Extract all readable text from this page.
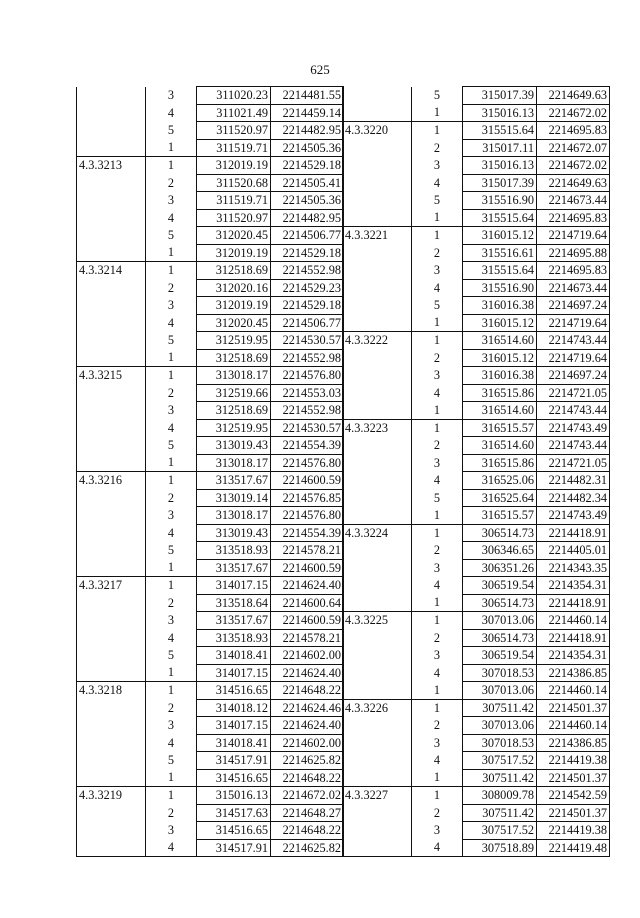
625
	3	311020.23	2214481.55
	4	311021.49	2214459.14
	5	311520.97	2214482.95
	1	311519.71	2214505.36
4.3.3213	1	312019.19	2214529.18
	2	311520.68	2214505.41
	3	311519.71	2214505.36
	4	311520.97	2214482.95
	5	312020.45	2214506.77
	1	312019.19	2214529.18
4.3.3214	1	312518.69	2214552.98
	2	312020.16	2214529.23
	3	312019.19	2214529.18
	4	312020.45	2214506.77
	5	312519.95	2214530.57
	1	312518.69	2214552.98
4.3.3215	1	313018.17	2214576.80
	2	312519.66	2214553.03
	3	312518.69	2214552.98
	4	312519.95	2214530.57
	5	313019.43	2214554.39
	1	313018.17	2214576.80
4.3.3216	1	313517.67	2214600.59
	2	313019.14	2214576.85
	3	313018.17	2214576.80
	4	313019.43	2214554.39
	5	313518.93	2214578.21
	1	313517.67	2214600.59
4.3.3217	1	314017.15	2214624.40
	2	313518.64	2214600.64
	3	313517.67	2214600.59
	4	313518.93	2214578.21
	5	314018.41	2214602.00
	1	314017.15	2214624.40
4.3.3218	1	314516.65	2214648.22
	2	314018.12	2214624.46
	3	314017.15	2214624.40
	4	314018.41	2214602.00
	5	314517.91	2214625.82
	1	314516.65	2214648.22
4.3.3219	1	315016.13	2214672.02
	2	314517.63	2214648.27
	3	314516.65	2214648.22
	4	314517.91	2214625.82
	5	315017.39	2214649.63
	1	315016.13	2214672.02
4.3.3220	1	315515.64	2214695.83
	2	315017.11	2214672.07
	3	315016.13	2214672.02
	4	315017.39	2214649.63
	5	315516.90	2214673.44
	1	315515.64	2214695.83
4.3.3221	1	316015.12	2214719.64
	2	315516.61	2214695.88
	3	315515.64	2214695.83
	4	315516.90	2214673.44
	5	316016.38	2214697.24
	1	316015.12	2214719.64
4.3.3222	1	316514.60	2214743.44
	2	316015.12	2214719.64
	3	316016.38	2214697.24
	4	316515.86	2214721.05
	1	316514.60	2214743.44
4.3.3223	1	316515.57	2214743.49
	2	316514.60	2214743.44
	3	316515.86	2214721.05
	4	316525.06	2214482.31
	5	316525.64	2214482.34
	1	316515.57	2214743.49
4.3.3224	1	306514.73	2214418.91
	2	306346.65	2214405.01
	3	306351.26	2214343.35
	4	306519.54	2214354.31
	1	306514.73	2214418.91
4.3.3225	1	307013.06	2214460.14
	2	306514.73	2214418.91
	3	306519.54	2214354.31
	4	307018.53	2214386.85
	1	307013.06	2214460.14
4.3.3226	1	307511.42	2214501.37
	2	307013.06	2214460.14
	3	307018.53	2214386.85
	4	307517.52	2214419.38
	1	307511.42	2214501.37
4.3.3227	1	308009.78	2214542.59
	2	307511.42	2214501.37
	3	307517.52	2214419.38
	4	307518.89	2214419.48
